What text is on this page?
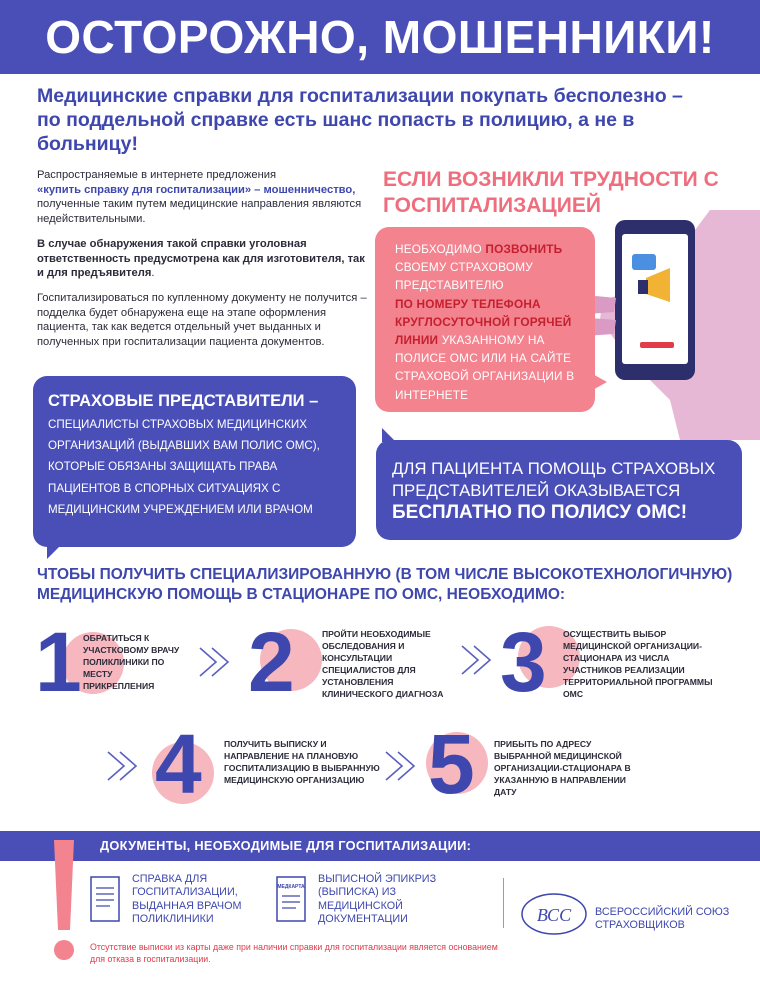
ОСТОРОЖНО, МОШЕННИКИ!
Медицинские справки для госпитализации покупать бесполезно – по поддельной справке есть шанс попасть в полицию, а не в больницу!
Распространяемые в интернете предложения
«купить справку для госпитализации» – мошенничество, полученные таким путем медицинские направления являются недействительными.
В случае обнаружения такой справки уголовная ответственность предусмотрена как для изготовителя, так и для предъявителя.
Госпитализироваться по купленному документу не получится – подделка будет обнаружена еще на этапе оформления пациента, так как ведется отдельный учет выданных и полученных при госпитализации пациента документов.
ЕСЛИ ВОЗНИКЛИ ТРУДНОСТИ С ГОСПИТАЛИЗАЦИЕЙ
НЕОБХОДИМО ПОЗВОНИТЬ
СВОЕМУ СТРАХОВОМУ ПРЕДСТАВИТЕЛЮ
ПО НОМЕРУ ТЕЛЕФОНА КРУГЛОСУТОЧНОЙ ГОРЯЧЕЙ ЛИНИИ УКАЗАННОМУ НА ПОЛИСЕ ОМС ИЛИ НА САЙТЕ СТРАХОВОЙ ОРГАНИЗАЦИИ В ИНТЕРНЕТЕ
СТРАХОВЫЕ ПРЕДСТАВИТЕЛИ –
СПЕЦИАЛИСТЫ СТРАХОВЫХ МЕДИЦИНСКИХ ОРГАНИЗАЦИЙ (ВЫДАВШИХ ВАМ ПОЛИС ОМС), КОТОРЫЕ ОБЯЗАНЫ ЗАЩИЩАТЬ ПРАВА ПАЦИЕНТОВ В СПОРНЫХ СИТУАЦИЯХ С МЕДИЦИНСКИМ УЧРЕЖДЕНИЕМ ИЛИ ВРАЧОМ
ДЛЯ ПАЦИЕНТА ПОМОЩЬ СТРАХОВЫХ ПРЕДСТАВИТЕЛЕЙ ОКАЗЫВАЕТСЯ
БЕСПЛАТНО ПО ПОЛИСУ ОМС!
ЧТОБЫ ПОЛУЧИТЬ СПЕЦИАЛИЗИРОВАННУЮ (В ТОМ ЧИСЛЕ ВЫСОКОТЕХНОЛОГИЧНУЮ) МЕДИЦИНСКУЮ ПОМОЩЬ В СТАЦИОНАРЕ ПО ОМС, НЕОБХОДИМО:
1 ОБРАТИТЬСЯ К УЧАСТКОВОМУ ВРАЧУ ПОЛИКЛИНИКИ ПО МЕСТУ ПРИКРЕПЛЕНИЯ	2	ПРОЙТИ НЕОБХОДИМЫЕ ОБСЛЕДОВАНИЯ И КОНСУЛЬТАЦИИ СПЕЦИАЛИСТОВ ДЛЯ УСТАНОВЛЕНИЯ КЛИНИЧЕСКОГО ДИАГНОЗА 3 ОСУЩЕСТВИТЬ ВЫБОР МЕДИЦИНСКОЙ ОРГАНИЗАЦИИ-СТАЦИОНАРА ИЗ ЧИСЛА УЧАСТНИКОВ РЕАЛИЗАЦИИ ТЕРРИТОРИАЛЬНОЙ ПРОГРАММЫ ОМС
4	ПОЛУЧИТЬ ВЫПИСКУ И НАПРАВЛЕНИЕ НА ПЛАНОВУЮ ГОСПИТАЛИЗАЦИЮ В ВЫБРАННУЮ МЕДИЦИНСКУЮ ОРГАНИЗАЦИЮ 5 ПРИБЫТЬ ПО АДРЕСУ ВЫБРАННОЙ МЕДИЦИНСКОЙ ОРГАНИЗАЦИИ-СТАЦИОНАРА В УКАЗАННУЮ В НАПРАВЛЕНИИ ДАТУ
ДОКУМЕНТЫ, НЕОБХОДИМЫЕ ДЛЯ ГОСПИТАЛИЗАЦИИ:
СПРАВКА ДЛЯ ГОСПИТАЛИЗАЦИИ, ВЫДАННАЯ ВРАЧОМ ПОЛИКЛИНИКИ
МЕДКАРТА
ВЫПИСНОЙ ЭПИКРИЗ (ВЫПИСКА) ИЗ МЕДИЦИНСКОЙ ДОКУМЕНТАЦИИ	ВСС ВСЕРОССИЙСКИЙ СОЮЗ СТРАХОВЩИКОВ
Отсутствие выписки из карты даже при наличии справки для госпитализации является основанием для отказа в госпитализации.
